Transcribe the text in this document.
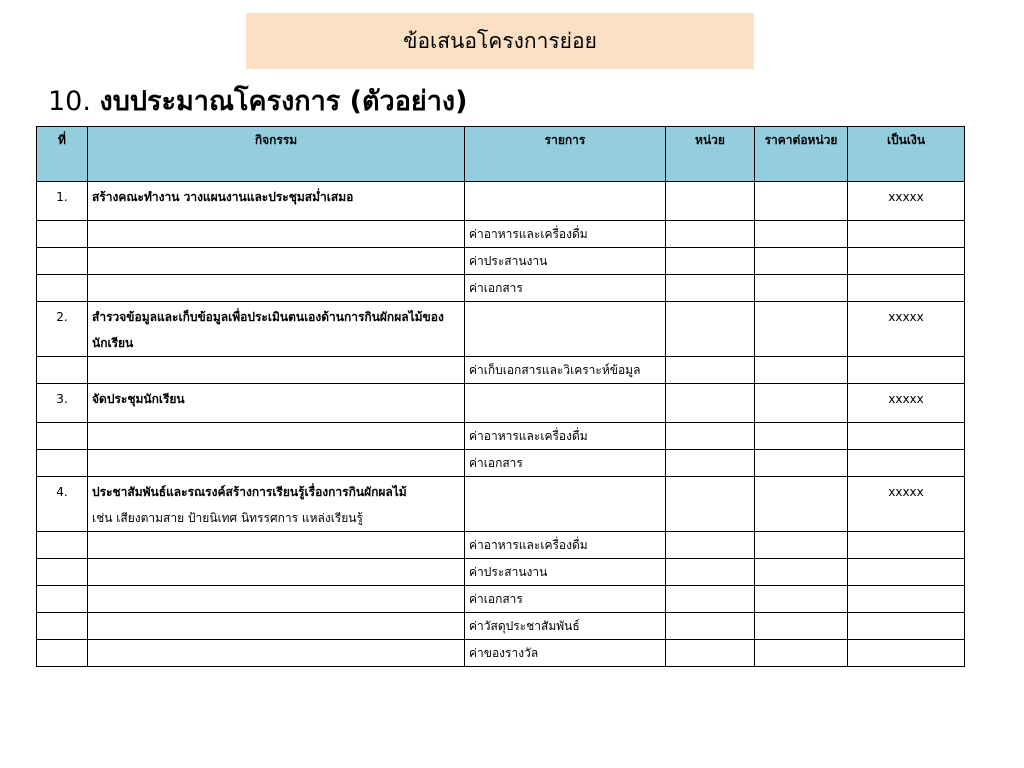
ข้อเสนอโครงการย่อย
10. งบประมาณโครงการ (ตัวอย่าง)
ที่	กิจกรรม	รายการ	หน่วย	ราคาต่อหน่วย	เป็นเงิน
1.	สร้างคณะทำงาน วางแผนงานและประชุมสม่ำเสมอ				xxxxx
		ค่าอาหารและเครื่องดื่ม			
		ค่าประสานงาน			
		ค่าเอกสาร			
2.	สำรวจข้อมูลและเก็บข้อมูลเพื่อประเมินตนเองด้านการกินผักผลไม้ของนักเรียน				xxxxx
		ค่าเก็บเอกสารและวิเคราะห์ข้อมูล			
3.	จัดประชุมนักเรียน				xxxxx
		ค่าอาหารและเครื่องดื่ม			
		ค่าเอกสาร			
4.	ประชาสัมพันธ์และรณรงค์สร้างการเรียนรู้เรื่องการกินผักผลไม้
เช่น เสียงตามสาย ป้ายนิเทศ นิทรรศการ แหล่งเรียนรู้				xxxxx
		ค่าอาหารและเครื่องดื่ม			
		ค่าประสานงาน			
		ค่าเอกสาร			
		ค่าวัสดุประชาสัมพันธ์			
		ค่าของรางวัล			
